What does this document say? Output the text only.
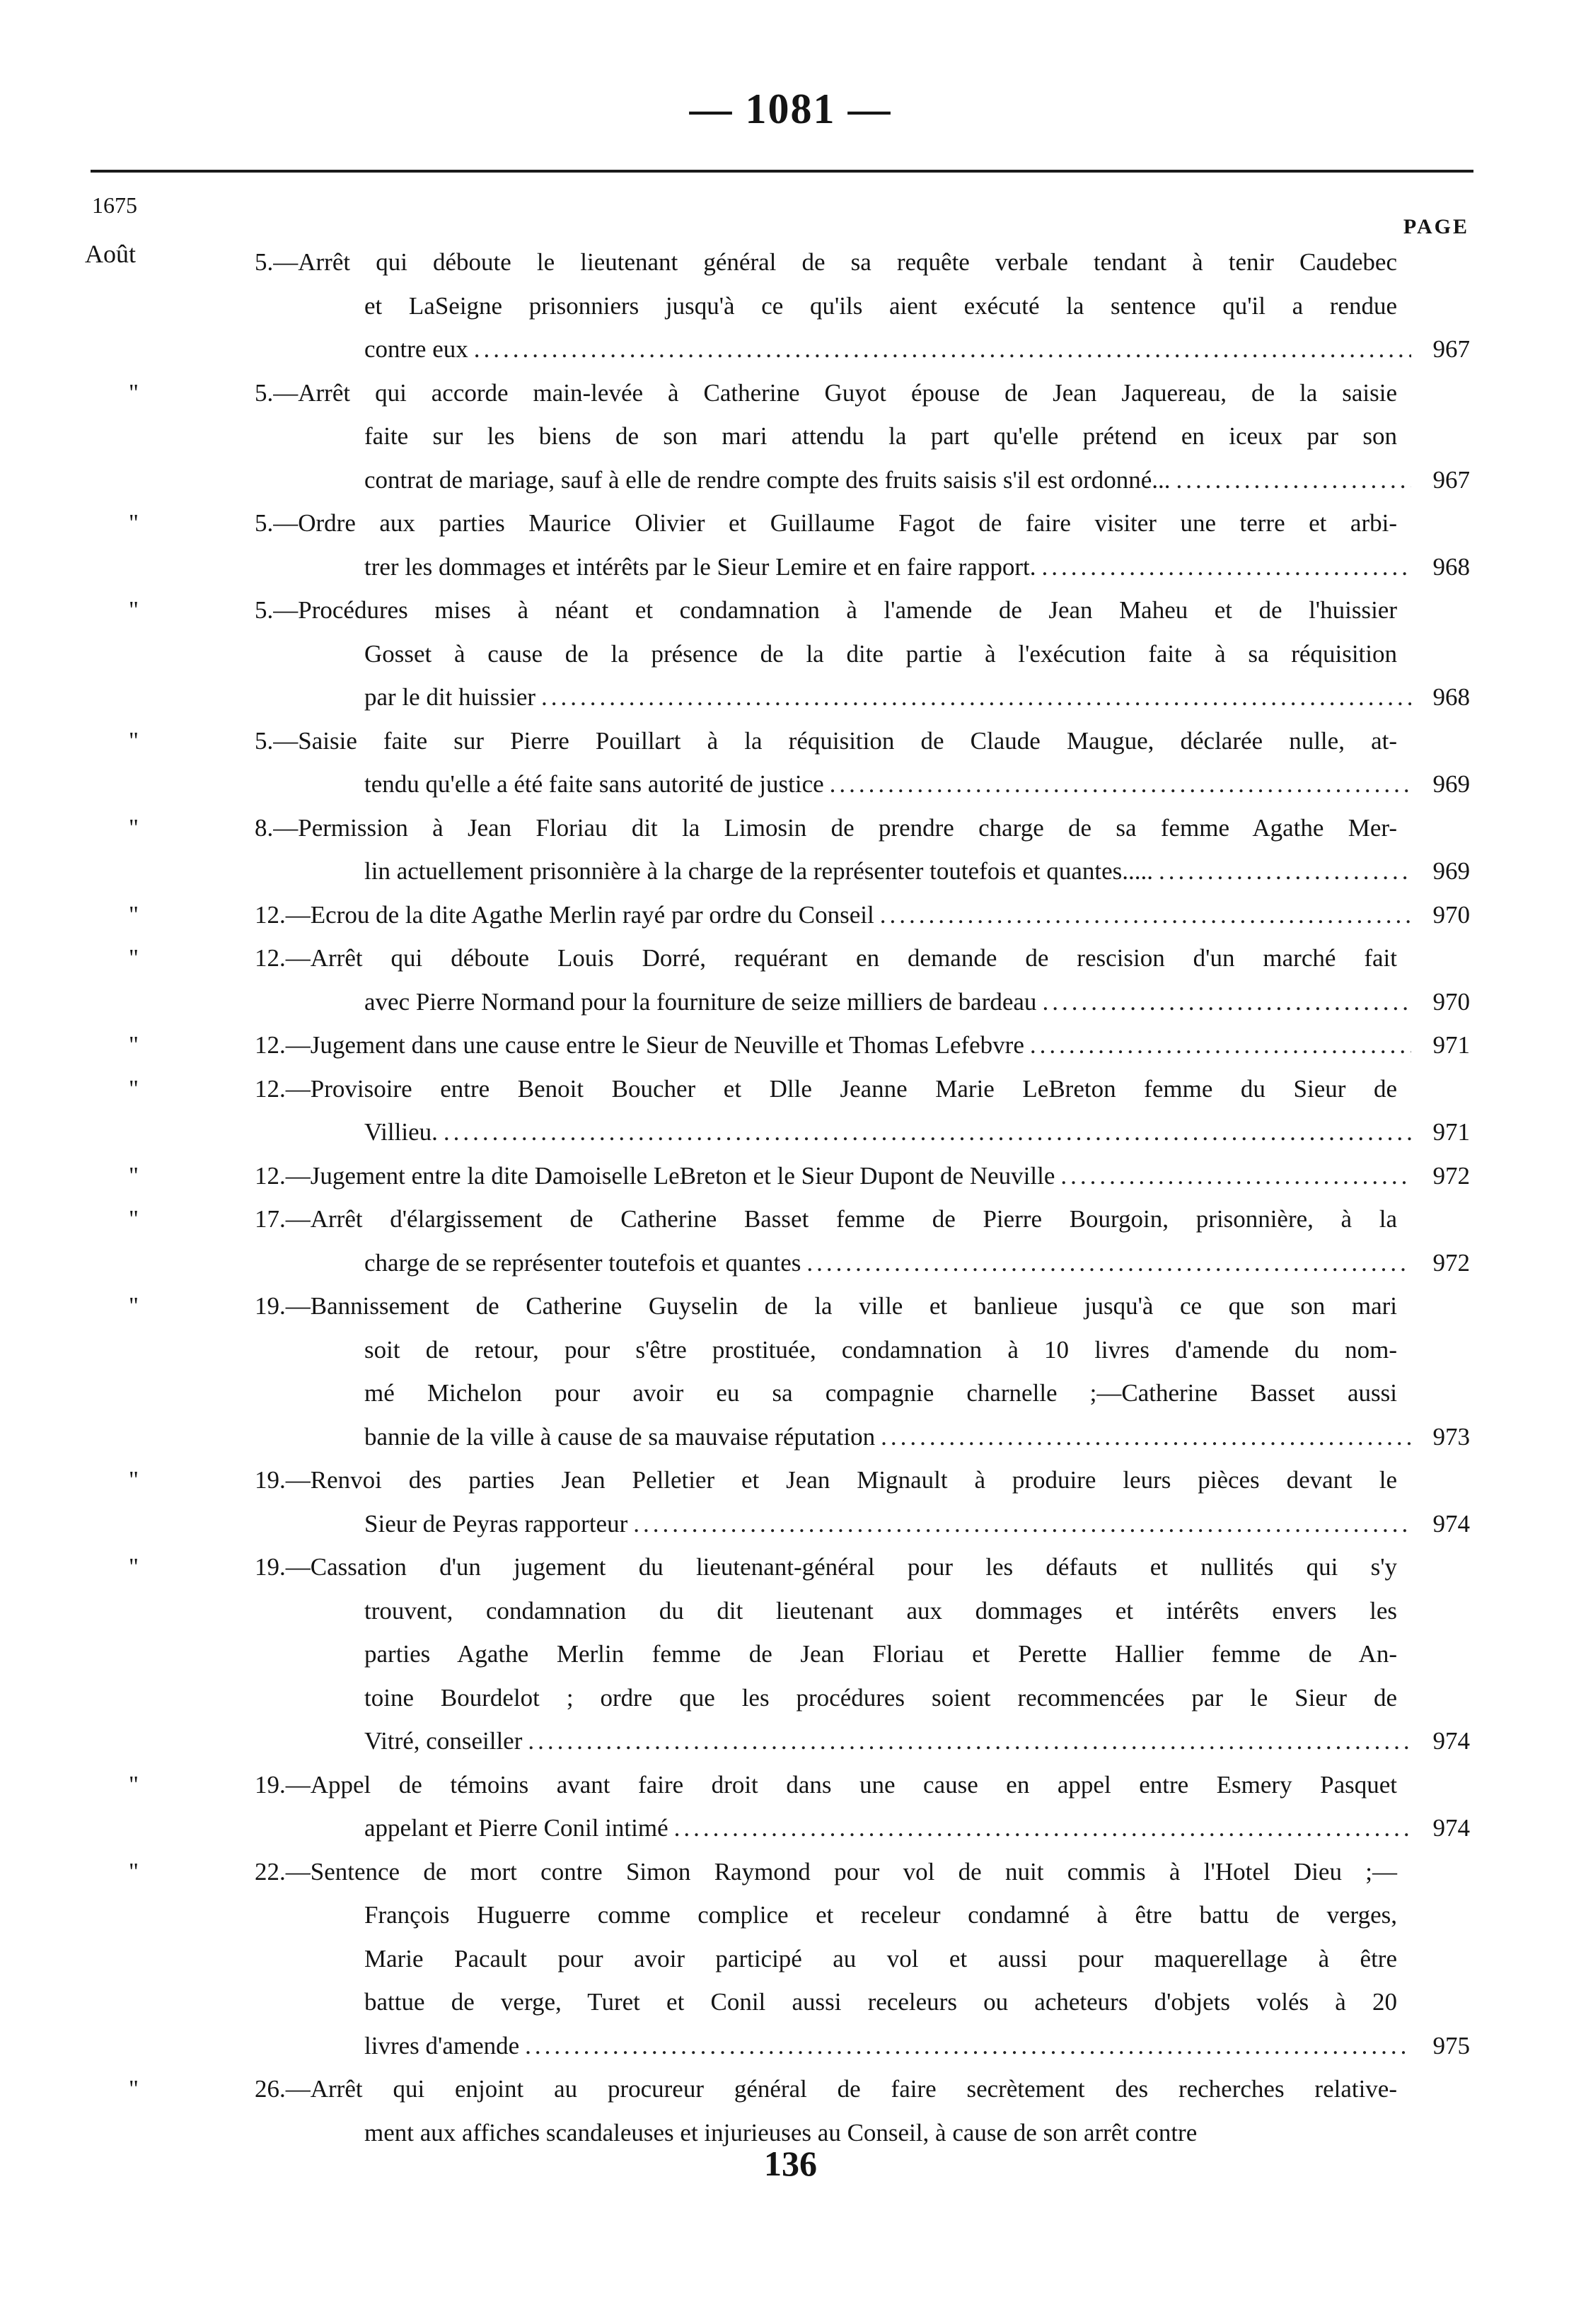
— 1081 —
1675
PAGE
Août	5.—Arrêt qui déboute le lieutenant général de sa requête verbale tendant à tenir Caudebec
et LaSeigne prisonniers jusqu'à ce qu'ils aient exécuté la sentence qu'il a rendue
contre eux .....	967
"	5.—Arrêt qui accorde main-levée à Catherine Guyot épouse de Jean Jaquereau, de la saisie
faite sur les biens de son mari attendu la part qu'elle prétend en iceux par son
contrat de mariage, sauf à elle de rendre compte des fruits saisis s'il est ordonné... .....	967
"	5.—Ordre aux parties Maurice Olivier et Guillaume Fagot de faire visiter une terre et arbi-
trer les dommages et intérêts par le Sieur Lemire et en faire rapport. .....	968
"	5.—Procédures mises à néant et condamnation à l'amende de Jean Maheu et de l'huissier
Gosset à cause de la présence de la dite partie à l'exécution faite à sa réquisition
par le dit huissier .....	968
"	5.—Saisie faite sur Pierre Pouillart à la réquisition de Claude Maugue, déclarée nulle, at-
tendu qu'elle a été faite sans autorité de justice .....	969
"	8.—Permission à Jean Floriau dit la Limosin de prendre charge de sa femme Agathe Mer-
lin actuellement prisonnière à la charge de la représenter toutefois et quantes..... .....	969
"	12.—Ecrou de la dite Agathe Merlin rayé par ordre du Conseil .....	970
"	12.—Arrêt qui déboute Louis Dorré, requérant en demande de rescision d'un marché fait
avec Pierre Normand pour la fourniture de seize milliers de bardeau .....	970
"	12.—Jugement dans une cause entre le Sieur de Neuville et Thomas Lefebvre .....	971
"	12.—Provisoire entre Benoit Boucher et Dlle Jeanne Marie LeBreton femme du Sieur de
Villieu. .....	971
"	12.—Jugement entre la dite Damoiselle LeBreton et le Sieur Dupont de Neuville .....	972
"	17.—Arrêt d'élargissement de Catherine Basset femme de Pierre Bourgoin, prisonnière, à la
charge de se représenter toutefois et quantes .....	972
"	19.—Bannissement de Catherine Guyselin de la ville et banlieue jusqu'à ce que son mari
soit de retour, pour s'être prostituée, condamnation à 10 livres d'amende du nom-
mé Michelon pour avoir eu sa compagnie charnelle ;—Catherine Basset aussi
bannie de la ville à cause de sa mauvaise réputation .....	973
"	19.—Renvoi des parties Jean Pelletier et Jean Mignault à produire leurs pièces devant le
Sieur de Peyras rapporteur .....	974
"	19.—Cassation d'un jugement du lieutenant-général pour les défauts et nullités qui s'y
trouvent, condamnation du dit lieutenant aux dommages et intérêts envers les
parties Agathe Merlin femme de Jean Floriau et Perette Hallier femme de An-
toine Bourdelot ; ordre que les procédures soient recommencées par le Sieur de
Vitré, conseiller .....	974
"	19.—Appel de témoins avant faire droit dans une cause en appel entre Esmery Pasquet
appelant et Pierre Conil intimé .....	974
"	22.—Sentence de mort contre Simon Raymond pour vol de nuit commis à l'Hotel Dieu ;—
François Huguerre comme complice et receleur condamné à être battu de verges,
Marie Pacault pour avoir participé au vol et aussi pour maquerellage à être
battue de verge, Turet et Conil aussi receleurs ou acheteurs d'objets volés à 20
livres d'amende .....	975
"	26.—Arrêt qui enjoint au procureur général de faire secrètement des recherches relative-
ment aux affiches scandaleuses et injurieuses au Conseil, à cause de son arrêt contre
136
